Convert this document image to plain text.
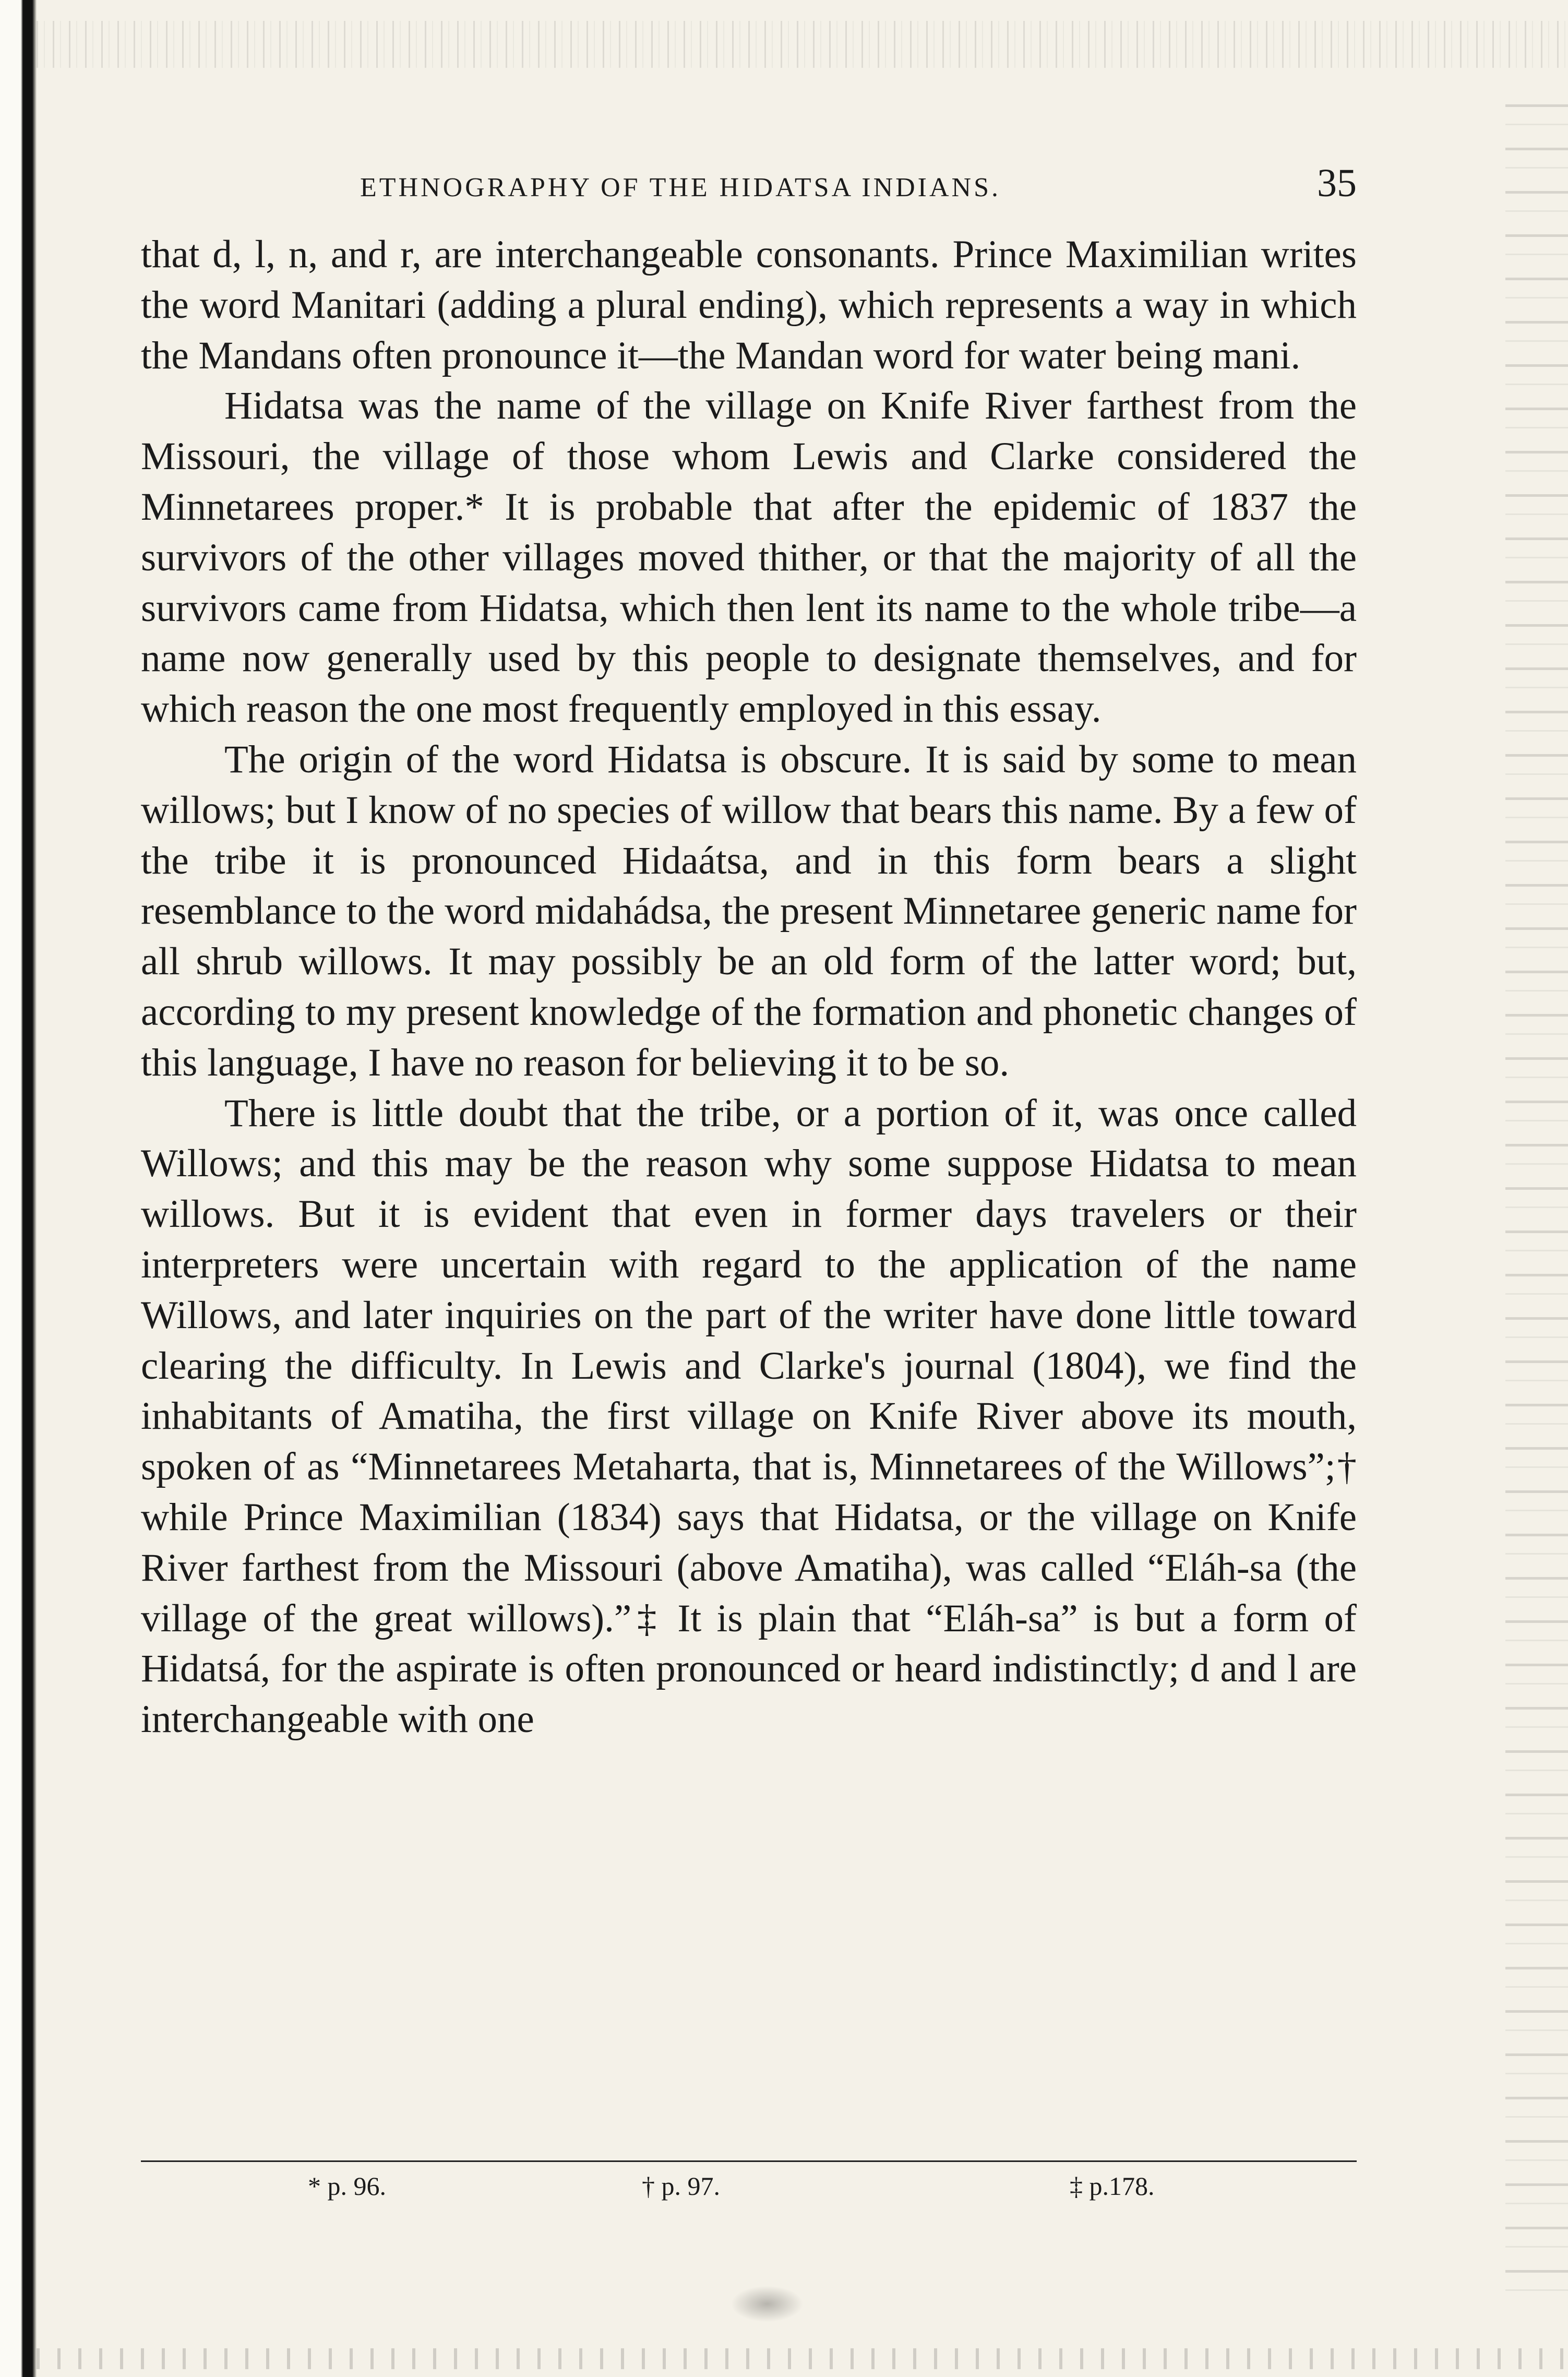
ETHNOGRAPHY OF THE HIDATSA INDIANS.	35

that d, l, n, and r, are interchangeable consonants. Prince Maximilian writes the word Manitari (adding a plural ending), which represents a way in which the Mandans often pronounce it—the Mandan word for water being mani.

Hidatsa was the name of the village on Knife River farthest from the Missouri, the village of those whom Lewis and Clarke considered the Minnetarees proper.* It is probable that after the epidemic of 1837 the survivors of the other villages moved thither, or that the majority of all the survivors came from Hidatsa, which then lent its name to the whole tribe—a name now generally used by this people to designate themselves, and for which reason the one most frequently employed in this essay.

The origin of the word Hidatsa is obscure. It is said by some to mean willows; but I know of no species of willow that bears this name. By a few of the tribe it is pronounced Hidaátsa, and in this form bears a slight resemblance to the word midahádsa, the present Minnetaree generic name for all shrub willows. It may possibly be an old form of the latter word; but, according to my present knowledge of the formation and phonetic changes of this language, I have no reason for believing it to be so.

There is little doubt that the tribe, or a portion of it, was once called Willows; and this may be the reason why some suppose Hidatsa to mean willows. But it is evident that even in former days travelers or their interpreters were uncertain with regard to the application of the name Willows, and later inquiries on the part of the writer have done little toward clearing the difficulty. In Lewis and Clarke's journal (1804), we find the inhabitants of Amatiha, the first village on Knife River above its mouth, spoken of as “Minnetarees Metaharta, that is, Minnetarees of the Willows”;† while Prince Maximilian (1834) says that Hidatsa, or the village on Knife River farthest from the Missouri (above Amatiha), was called “Eláh-sa (the village of the great willows).”‡ It is plain that “Eláh-sa” is but a form of Hidatsá, for the aspirate is often pronounced or heard indistinctly; d and l are interchangeable with one

* p. 96.	† p. 97.	‡ p.178.
